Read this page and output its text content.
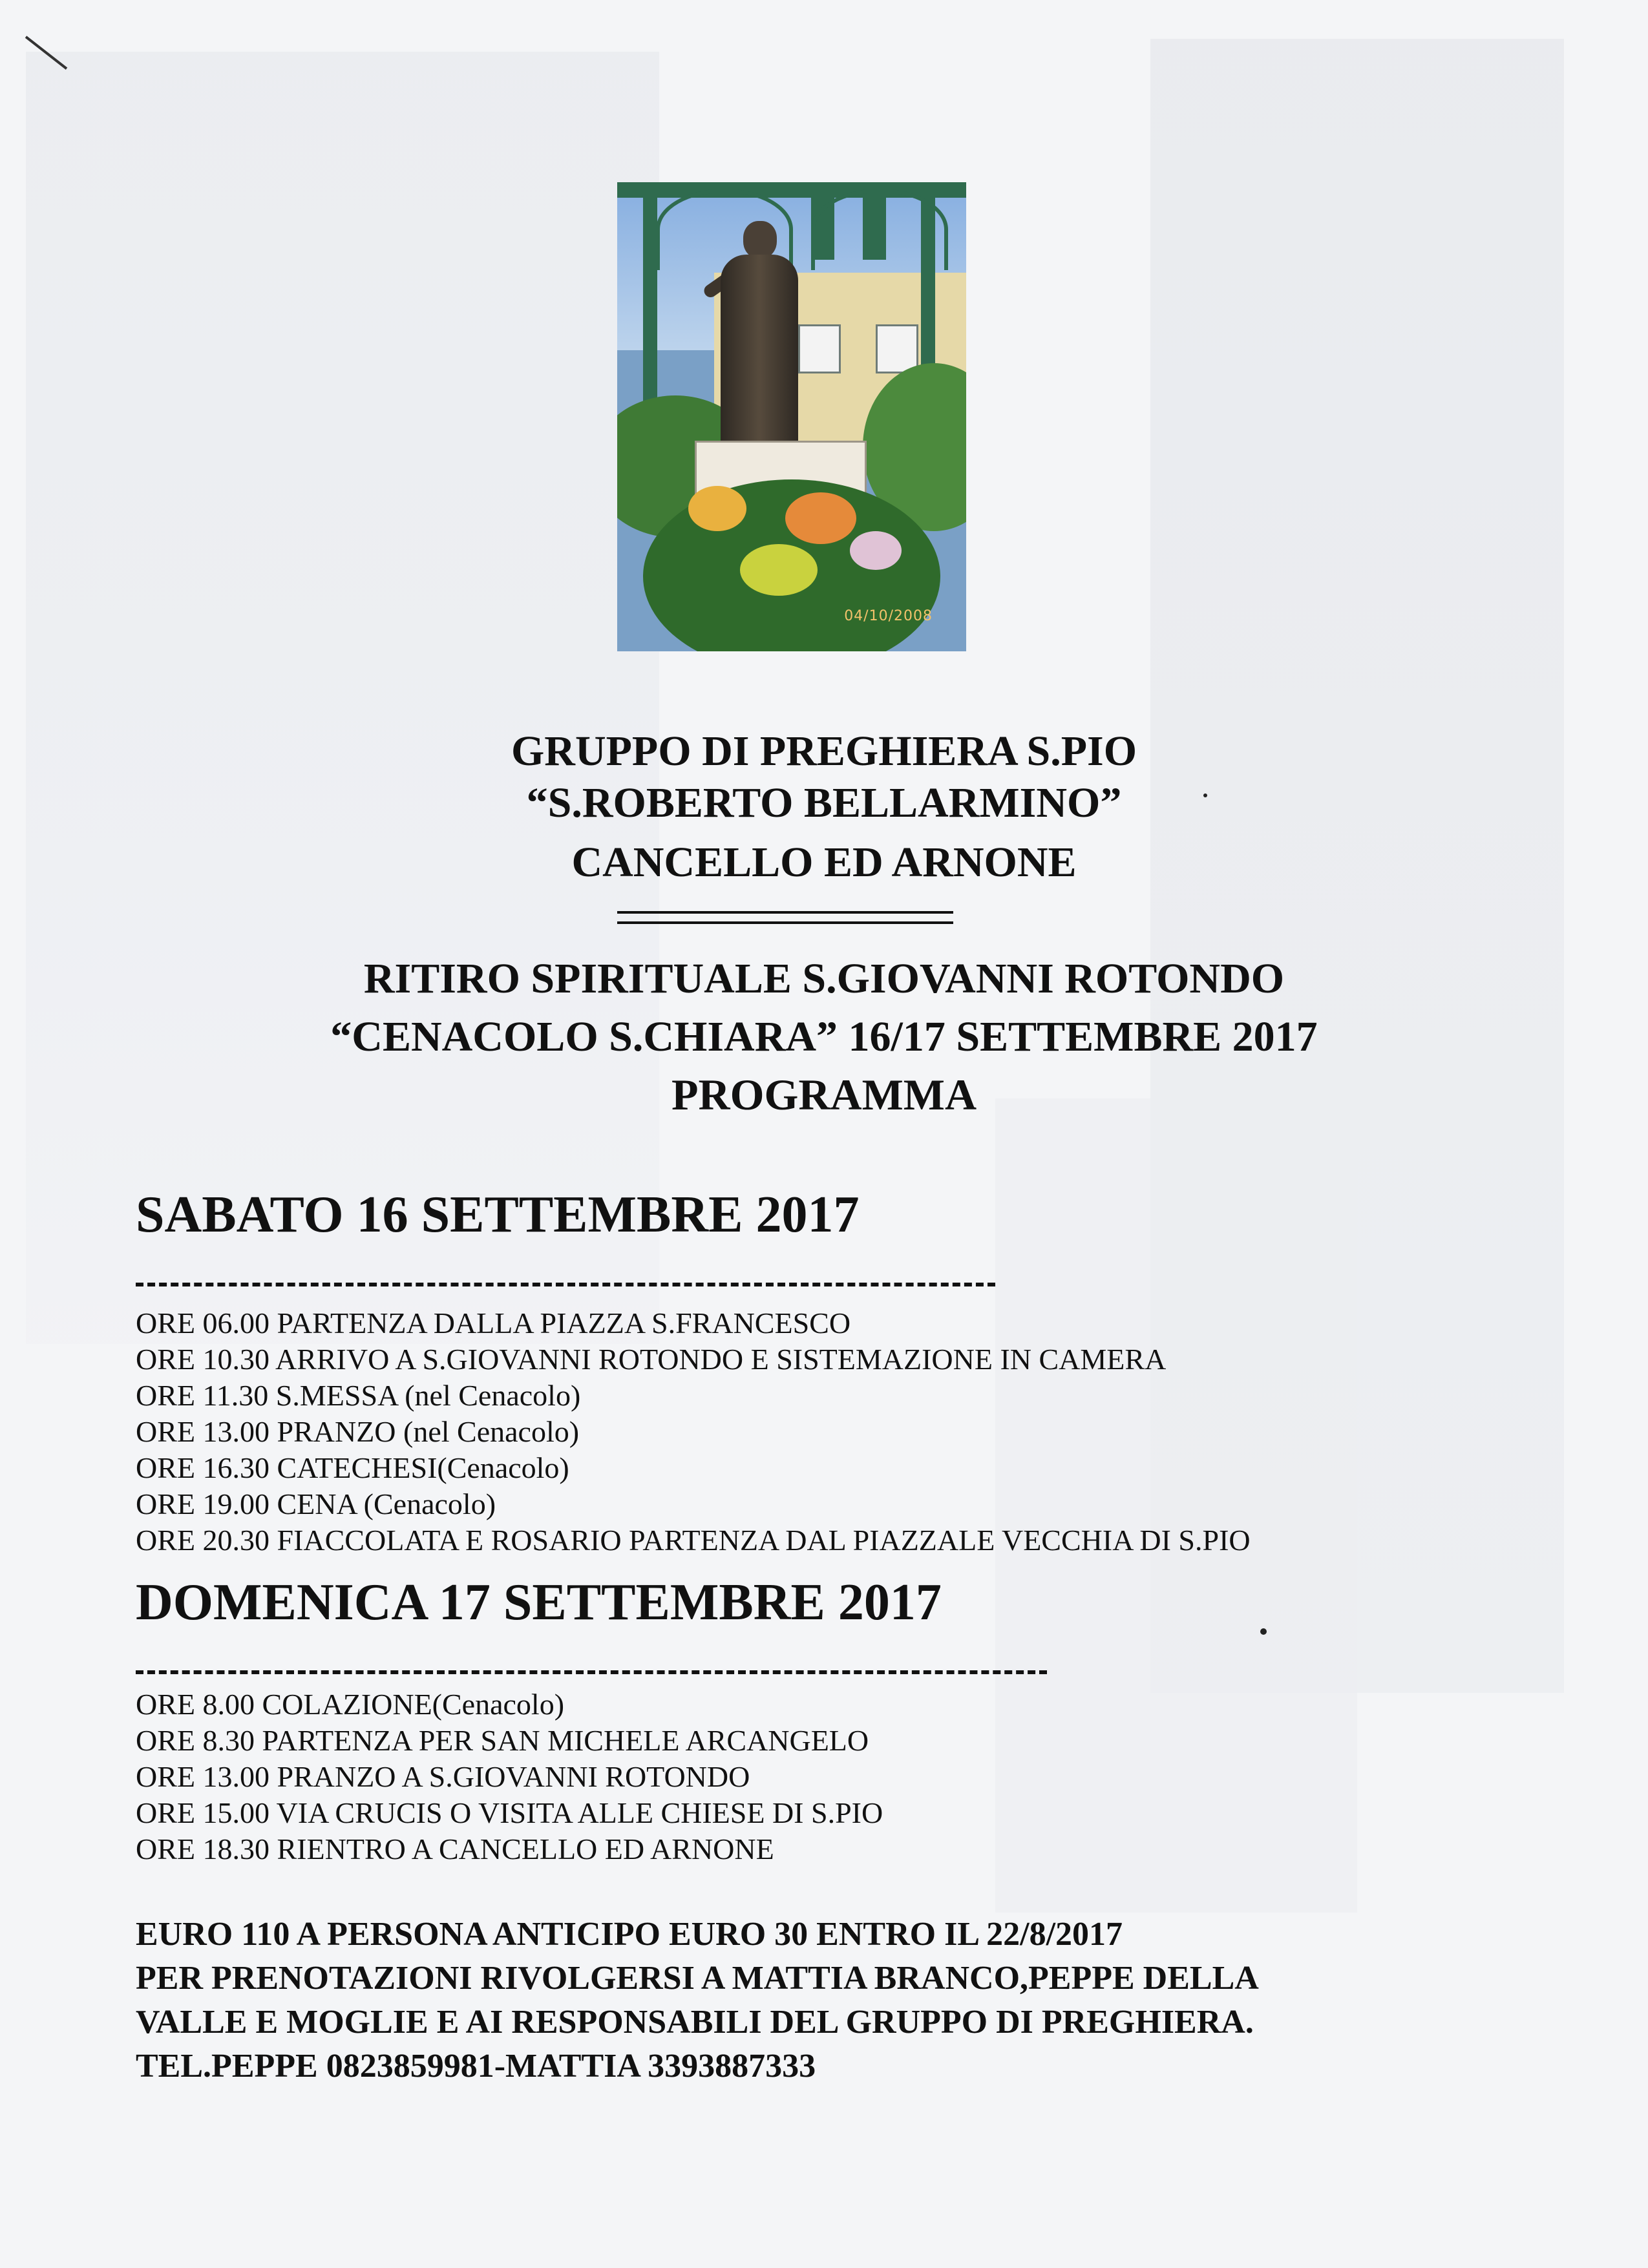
04/10/2008
GRUPPO DI PREGHIERA S.PIO
“S.ROBERTO BELLARMINO”
CANCELLO ED ARNONE
RITIRO SPIRITUALE S.GIOVANNI ROTONDO
“CENACOLO S.CHIARA” 16/17 SETTEMBRE 2017
PROGRAMMA
SABATO 16 SETTEMBRE 2017
ORE 06.00 PARTENZA DALLA PIAZZA S.FRANCESCO
ORE 10.30 ARRIVO A S.GIOVANNI ROTONDO E SISTEMAZIONE IN CAMERA
ORE 11.30 S.MESSA (nel Cenacolo)
ORE 13.00 PRANZO (nel Cenacolo)
ORE 16.30 CATECHESI(Cenacolo)
ORE 19.00 CENA (Cenacolo)
ORE 20.30 FIACCOLATA E ROSARIO PARTENZA DAL PIAZZALE VECCHIA DI S.PIO
DOMENICA 17 SETTEMBRE 2017
ORE 8.00 COLAZIONE(Cenacolo)
ORE 8.30 PARTENZA PER SAN MICHELE ARCANGELO
ORE 13.00 PRANZO A S.GIOVANNI ROTONDO
ORE 15.00 VIA CRUCIS O VISITA ALLE CHIESE DI S.PIO
ORE 18.30 RIENTRO A CANCELLO ED ARNONE
EURO 110 A PERSONA ANTICIPO EURO 30 ENTRO IL 22/8/2017
PER PRENOTAZIONI RIVOLGERSI A MATTIA BRANCO,PEPPE DELLA
VALLE E MOGLIE E AI RESPONSABILI DEL GRUPPO DI PREGHIERA.
TEL.PEPPE 0823859981-MATTIA 3393887333
